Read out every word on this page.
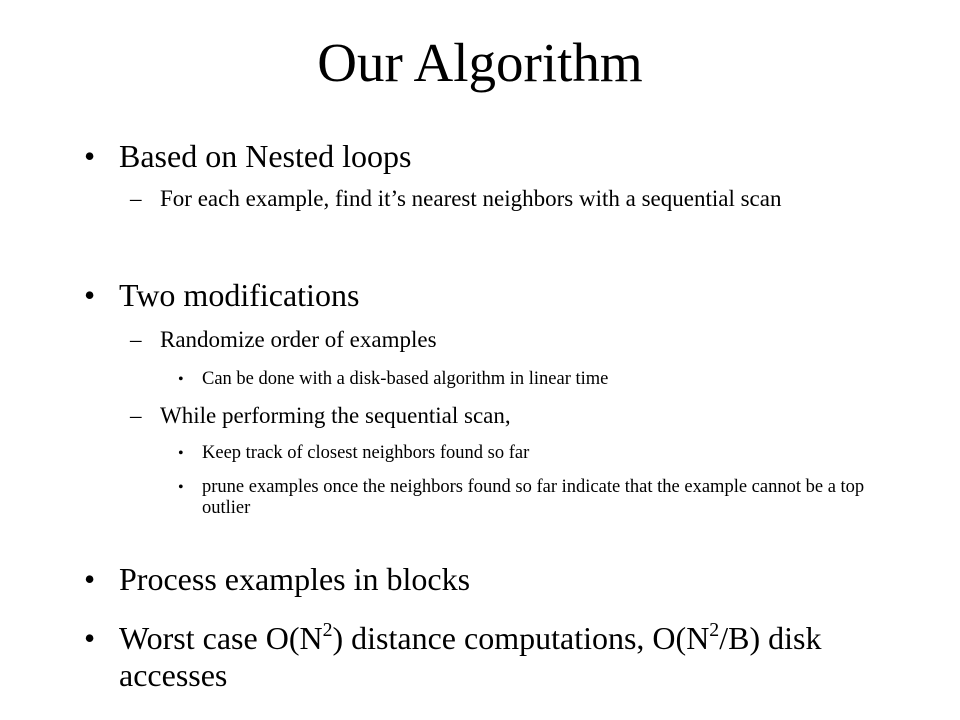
Our Algorithm
• Based on Nested loops
– For each example, find it’s nearest neighbors with a sequential scan
• Two modifications
– Randomize order of examples
• Can be done with a disk-based algorithm in linear time
– While performing the sequential scan,
• Keep track of closest neighbors found so far
• prune examples once the neighbors found so far indicate that the example cannot be a top outlier
• Process examples in blocks
• Worst case $O(N^2)$ distance computations, $O(N^2/B)$ disk accesses
